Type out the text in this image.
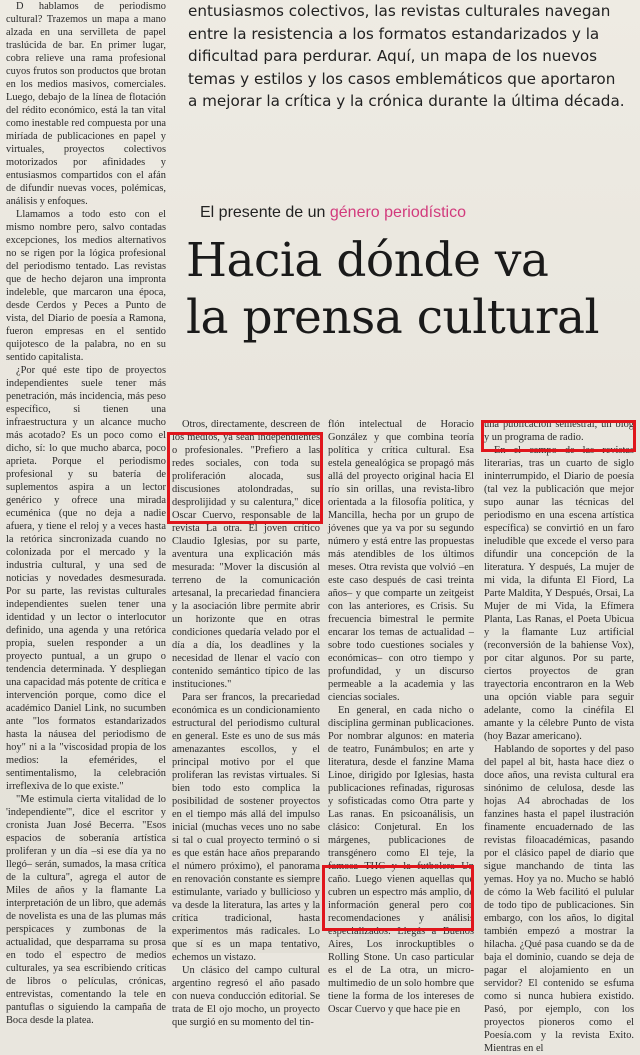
D hablamos de periodismo cultural? Trazemos un mapa a mano alzada en una servilleta de papel traslúcida de bar. En primer lugar, cobra relieve una rama profesional cuyos frutos son productos que brotan en los medios masivos, comerciales. Luego, debajo de la línea de flotación del rédito económico, está la tan vital como inestable red compuesta por una miríada de publicaciones en papel y virtuales, proyectos colectivos motorizados por afinidades y entusiasmos compartidos con el afán de difundir nuevas voces, polémicas, análisis y enfoques.

Llamamos a todo esto con el mismo nombre pero, salvo contadas excepciones, los medios alternativos no se rigen por la lógica profesional del periodismo tentado. Las revistas que de hecho dejaron una impronta indeleble, que marcaron una época, desde Cerdos y Peces a Punto de vista, del Diario de poesía a Ramona, fueron empresas en el sentido quijotesco de la palabra, no en su sentido capitalista.

¿Por qué este tipo de proyectos independientes suele tener más penetración, más incidencia, más peso específico, si tienen una infraestructura y un alcance mucho más acotado? Es un poco como el dicho, sí: lo que mucho abarca, poco aprieta. Porque el periodismo profesional y su batería de suplementos aspira a un lector genérico y ofrece una mirada ecuménica (que no deja a nadie afuera, y tiene el reloj y a veces hasta la retórica sincronizada cuando no colonizada por el mercado y la industria cultural, y una sed de noticias y novedades desmesurada. Por su parte, las revistas culturales independientes suelen tener una identidad y un lector o interlocutor definido, una agenda y una retórica propia, suelen responder a un proyecto puntual, a un grupo o tendencia determinada. Y despliegan una capacidad más potente de crítica e intervención porque, como dice el académico Daniel Link, no sucumben ante "los formatos estandarizados hasta la náusea del periodismo de hoy" ni a la "viscosidad propia de los medios: la efemérides, el sentimentalismo, la celebración irreflexiva de lo que existe."

"Me estimula cierta vitalidad de lo 'independiente'", dice el escritor y cronista Juan José Becerra. "Esos espacios de soberanía artística proliferan y un día –si ese día ya no llegó– serán, sumados, la masa crítica de la cultura", agrega el autor de Miles de años y la flamante La interpretación de un libro, que además de novelista es una de las plumas más perspicaces y zumbonas de la actualidad, que desparrama su prosa en todo el espectro de medios culturales, ya sea escribiendo críticas de libros o películas, crónicas, entrevistas, comentando la tele en pantuflas o siguiendo la campaña de Boca desde la platea.

entusiasmos colectivos, las revistas culturales navegan entre la resistencia a los formatos estandarizados y la dificultad para perdurar. Aquí, un mapa de los nuevos temas y estilos y los casos emblemáticos que aportaron a mejorar la crítica y la crónica durante la última década.

El presente de un género periodístico
Hacia dónde va
la prensa cultural

Otros, directamente, descreen de los medios, ya sean independientes o profesionales. "Prefiero a las redes sociales, con toda su proliferación alocada, sus discusiones atolondradas, su desprolijidad y su calentura," dice Oscar Cuervo, responsable de la revista La otra. El joven crítico Claudio Iglesias, por su parte, aventura una explicación más mesurada: "Mover la discusión al terreno de la comunicación artesanal, la precariedad financiera y la asociación libre permite abrir un horizonte que en otras condiciones quedaría velado por el día a día, los deadlines y la necesidad de llenar el vacío con contenido semántico típico de las instituciones."

Para ser francos, la precariedad económica es un condicionamiento estructural del periodismo cultural en general. Este es uno de sus más amenazantes escollos, y el principal motivo por el que proliferan las revistas virtuales. Si bien todo esto complica la posibilidad de sostener proyectos en el tiempo más allá del impulso inicial (muchas veces uno no sabe si tal o cual proyecto terminó o si es que están hace años preparando el número próximo), el panorama en renovación constante es siempre estimulante, variado y bullicioso y va desde la literatura, las artes y la crítica tradicional, hasta experimentos más radicales. Lo que sí es un mapa tentativo, echemos un vistazo.

Un clásico del campo cultural argentino regresó el año pasado con nueva conducción editorial. Se trata de El ojo mocho, un proyecto que surgió en su momento del tin-

flón intelectual de Horacio González y que combina teoría política y crítica cultural. Esa estela genealógica se propagó más allá del proyecto original hacia El río sin orillas, una revista-libro orientada a la filosofía política, y Mancilla, hecha por un grupo de jóvenes que ya va por su segundo número y está entre las propuestas más atendibles de los últimos meses. Otra revista que volvió –en este caso después de casi treinta años– y que comparte un zeitgeist con las anteriores, es Crisis. Su frecuencia bimestral le permite encarar los temas de actualidad –sobre todo cuestiones sociales y económicas– con otro tiempo y profundidad, y un discurso permeable a la academia y las ciencias sociales.

En general, en cada nicho o disciplina germinan publicaciones. Por nombrar algunos: en materia de teatro, Funámbulos; en arte y literatura, desde el fanzine Mama Linoe, dirigido por Iglesias, hasta publicaciones refinadas, rigurosas y sofisticadas como Otra parte y Las ranas. En psicoanálisis, un clásico: Conjetural. En los márgenes, publicaciones de transgénero como El teje, la famosa THC y la futbolera Un caño. Luego vienen aquellas que cubren un espectro más amplio, de información general pero con recomendaciones y análisis especializados: Llegás a Buenos Aires, Los inrockuptibles o Rolling Stone. Un caso particular es el de La otra, un micro-multimedio de un solo hombre que tiene la forma de los intereses de Oscar Cuervo y que hace pie en

una publicación semestral, un blog y un programa de radio.

En el campo de las revistas literarias, tras un cuarto de siglo ininterrumpido, el Diario de poesía (tal vez la publicación que mejor supo aunar las técnicas del periodismo en una escena artística específica) se convirtió en un faro ineludible que excede el verso para difundir una concepción de la literatura. Y después, La mujer de mi vida, la difunta El Fiord, La Parte Maldita, Y Después, Orsai, La Mujer de mi Vida, la Efímera Planta, Las Ranas, el Poeta Ubicua y la flamante Luz artificial (reconversión de la bahiense Vox), por citar algunos. Por su parte, ciertos proyectos de gran trayectoria encontraron en la Web una opción viable para seguir adelante, como la cinéfila El amante y la célebre Punto de vista (hoy Bazar americano).

Hablando de soportes y del paso del papel al bit, hasta hace diez o doce años, una revista cultural era sinónimo de celulosa, desde las hojas A4 abrochadas de los fanzines hasta el papel ilustración finamente encuadernado de las revistas filoacadémicas, pasando por el clásico papel de diario que sigue manchando de tinta las yemas. Hoy ya no. Mucho se habló de cómo la Web facilitó el pulular de todo tipo de publicaciones. Sin embargo, con los años, lo digital también empezó a mostrar la hilacha. ¿Qué pasa cuando se da de baja el dominio, cuando se deja de pagar el alojamiento en un servidor? El contenido se esfuma como si nunca hubiera existido. Pasó, por ejemplo, con los proyectos pioneros como el Poesía.com y la revista Exito. Mientras en el
